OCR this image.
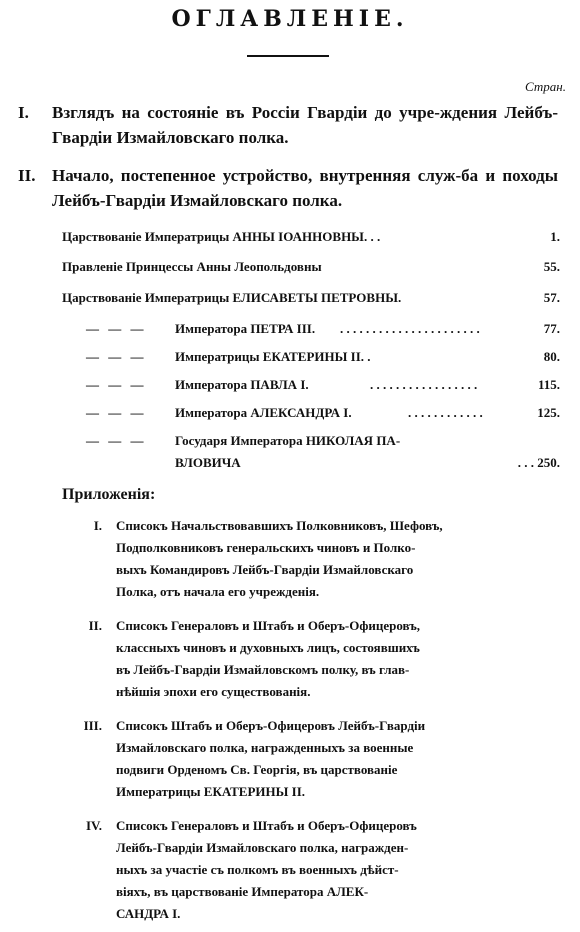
ОГЛАВЛЕНІЕ.
Стран.
I.	Взглядъ на состояніе въ Россіи Гвардіи до учре-ждения Лейбъ-Гвардіи Измайловскаго полка.
II. Начало, постепенное устройство, внутренняя служ-ба и походы Лейбъ-Гвардіи Измайловскаго полка.
Царствованіе Императрицы АННЫ ІОАННОВНЫ. . .	1.
Правленіе Принцессы Анны Леопольдовны	55.
Царствованіе Императрицы ЕЛИСАВЕТЫ ПЕТРОВНЫ.	57.
— — — Императора ПЕТРА III. . . . . . . . . . . . . . . . . . . . . . .	77.
— — — Императрицы ЕКАТЕРИНЫ II. .	80.
— — — Императора ПАВЛА I.	. . . . . . . . . . . . . . . . .	115.
— — — Императора АЛЕКСАНДРА I.	. . . . . . . . . . . .	125.
— — — Государя Императора НИКОЛАЯ ПА-
ВЛОВИЧА	. . . 250.
Приложенія:
I. Списокъ Начальствовавшихъ Полковниковъ, Шефовъ,
Подполковниковъ генеральскихъ чиновъ и Полко-
выхъ Командировъ Лейбъ-Гвардіи Измайловскаго
Полка, отъ начала его учрежденія.
II. Списокъ Генераловъ и Штабъ и Оберъ-Офицеровъ,
классныхъ чиновъ и духовныхъ лицъ, состоявшихъ
въ Лейбъ-Гвардіи Измайловскомъ полку, въ глав-
нѣйшія эпохи его существованія.
III. Списокъ Штабъ и Оберъ-Офицеровъ Лейбъ-Гвардіи
Измайловскаго полка, награжденныхъ за военные
подвиги Орденомъ Св. Георгія, въ царствованіе
Императрицы ЕКАТЕРИНЫ II.
IV. Списокъ Генераловъ и Штабъ и Оберъ-Офицеровъ
Лейбъ-Гвардіи Измайловскаго полка, награжден-
ныхъ за участіе съ полкомъ въ военныхъ дѣйст-
віяхъ, въ царствованіе Императора АЛЕК-
САНДРА I.
